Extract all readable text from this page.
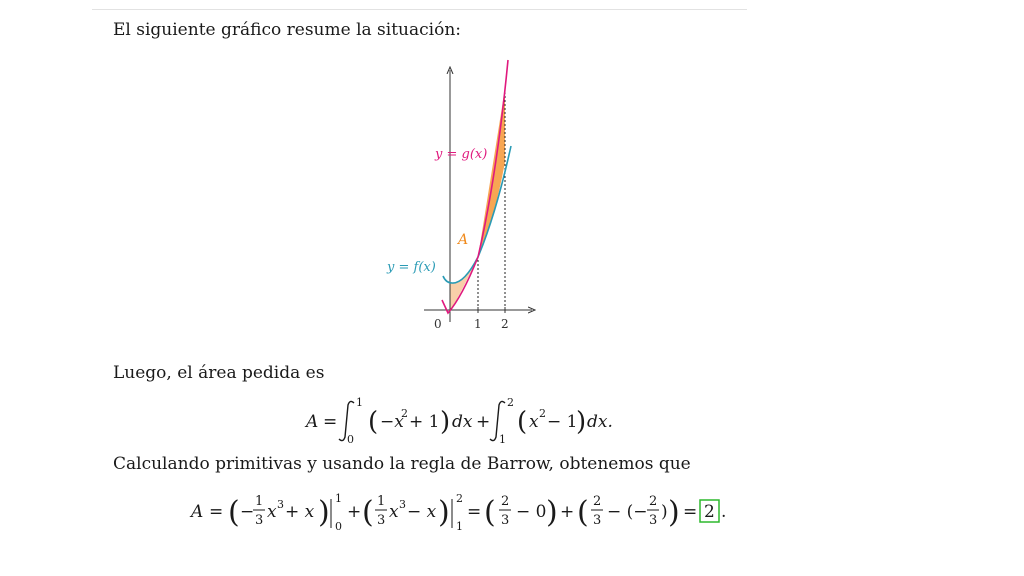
El siguiente gráfico resume la situación:
y = g(x)
y = f(x)
A
0	1 2
Luego, el área pedida es
A =
1
0
( −x
2 + 1 ) dx +
2
1
( x 2 − 1
) dx.
Calculando primitivas y usando la regla de Barrow, obtenemos que
A = ( −
1
3 x 3 + x ) 1
0
+ ( 1
3 x 3 − x ) 2
1
= ( 2
3 − 0 ) + ( 2
3 − (−
2
3 ) ) = 2 .
